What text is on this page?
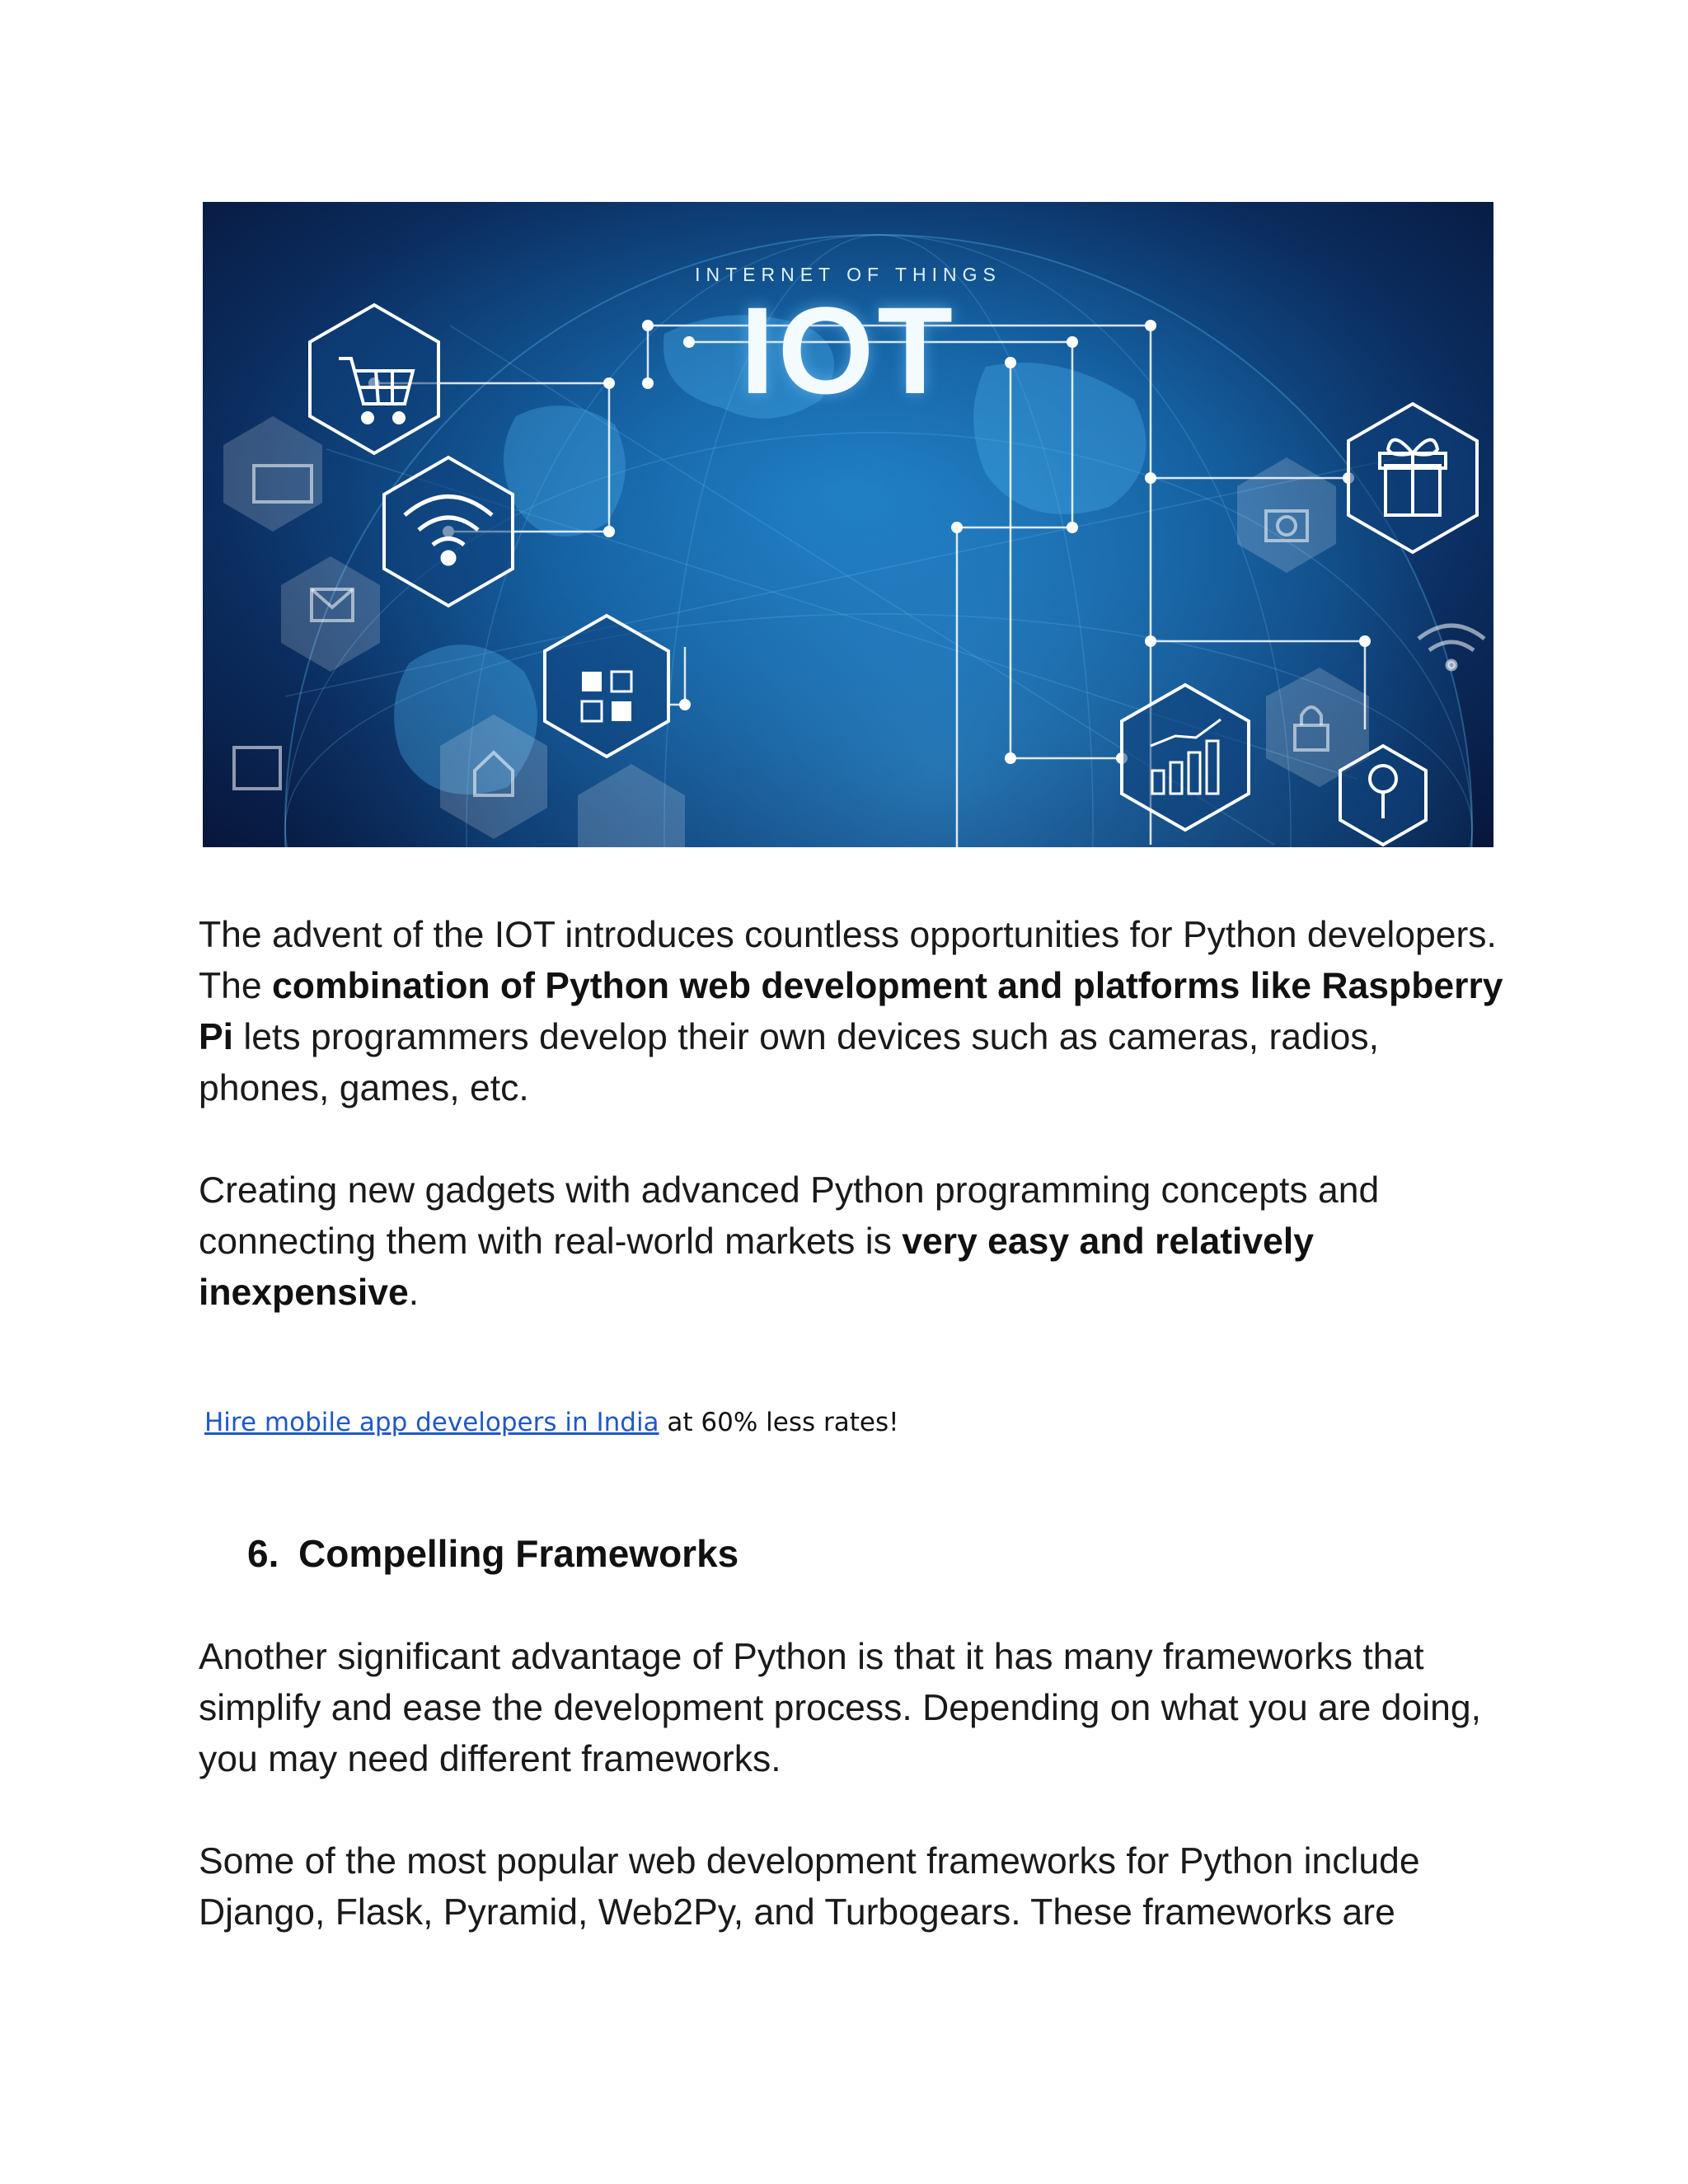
INTERNET OF THINGS
IOT

The advent of the IOT introduces countless opportunities for Python developers. The combination of Python web development and platforms like Raspberry Pi lets programmers develop their own devices such as cameras, radios, phones, games, etc.

Creating new gadgets with advanced Python programming concepts and connecting them with real-world markets is very easy and relatively inexpensive.

Hire mobile app developers in India at 60% less rates!
6. Compelling Frameworks

Another significant advantage of Python is that it has many frameworks that simplify and ease the development process. Depending on what you are doing, you may need different frameworks.

Some of the most popular web development frameworks for Python include Django, Flask, Pyramid, Web2Py, and Turbogears. These frameworks are
